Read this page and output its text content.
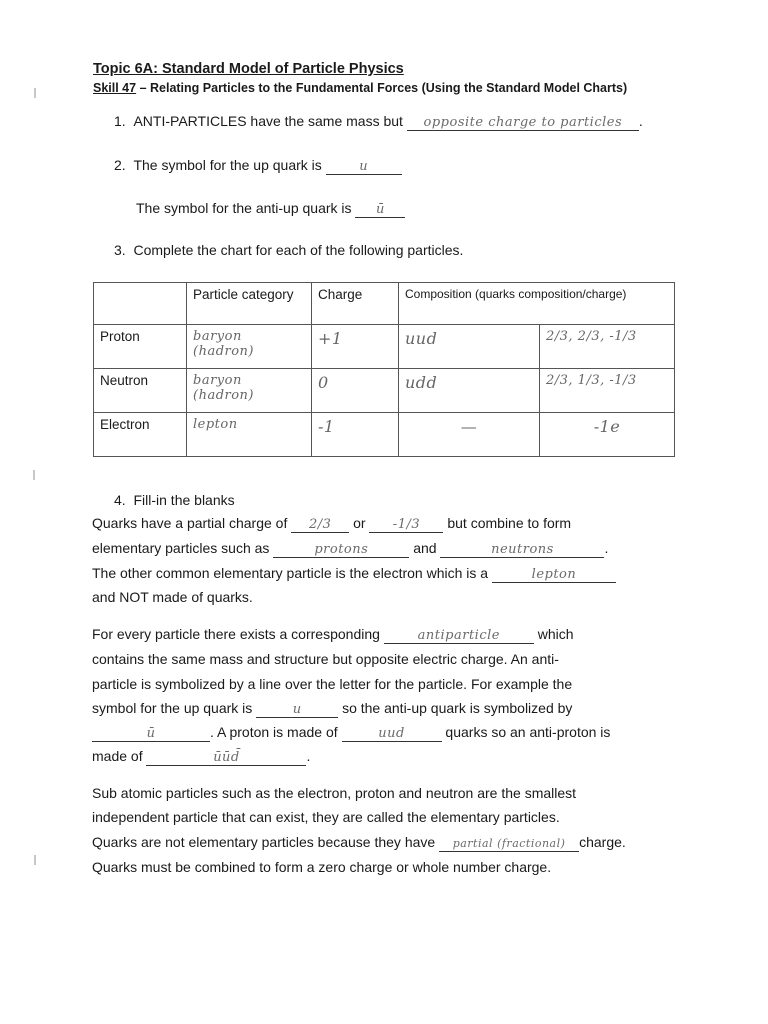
Topic 6A: Standard Model of Particle Physics
Skill 47 – Relating Particles to the Fundamental Forces (Using the Standard Model Charts)
1. ANTI-PARTICLES have the same mass but opposite charge to particles .
2. The symbol for the up quark is	u
The symbol for the anti-up quark is ū
3. Complete the chart for each of the following particles.
	Particle category	Charge	Composition (quarks composition/charge)	
Proton	baryon (hadron)	+1	uud	2/3, 2/3, -1/3
Neutron	baryon (hadron)	0	udd	2/3, 1/3, -1/3
Electron	lepton	-1	—	-1e
4. Fill-in the blanks
Quarks have a partial charge of 2/3 or -1/3 but combine to form
elementary particles such as	protons	and	neutrons	.
The other common elementary particle is the electron which is a	lepton
and NOT made of quarks.
For every particle there exists a corresponding	antiparticle	which
contains the same mass and structure but opposite electric charge. An anti-
particle is symbolized by a line over the letter for the particle. For example the
symbol for the up quark is	u	so the anti-up quark is symbolized by
ū	. A proton is made of	uud	quarks so an anti-proton is
made of	ūūd̄	.
Sub atomic particles such as the electron, proton and neutron are the smallest
independent particle that can exist, they are called the elementary particles.
Quarks are not elementary particles because they have partial (fractional) charge.
Quarks must be combined to form a zero charge or whole number charge.
